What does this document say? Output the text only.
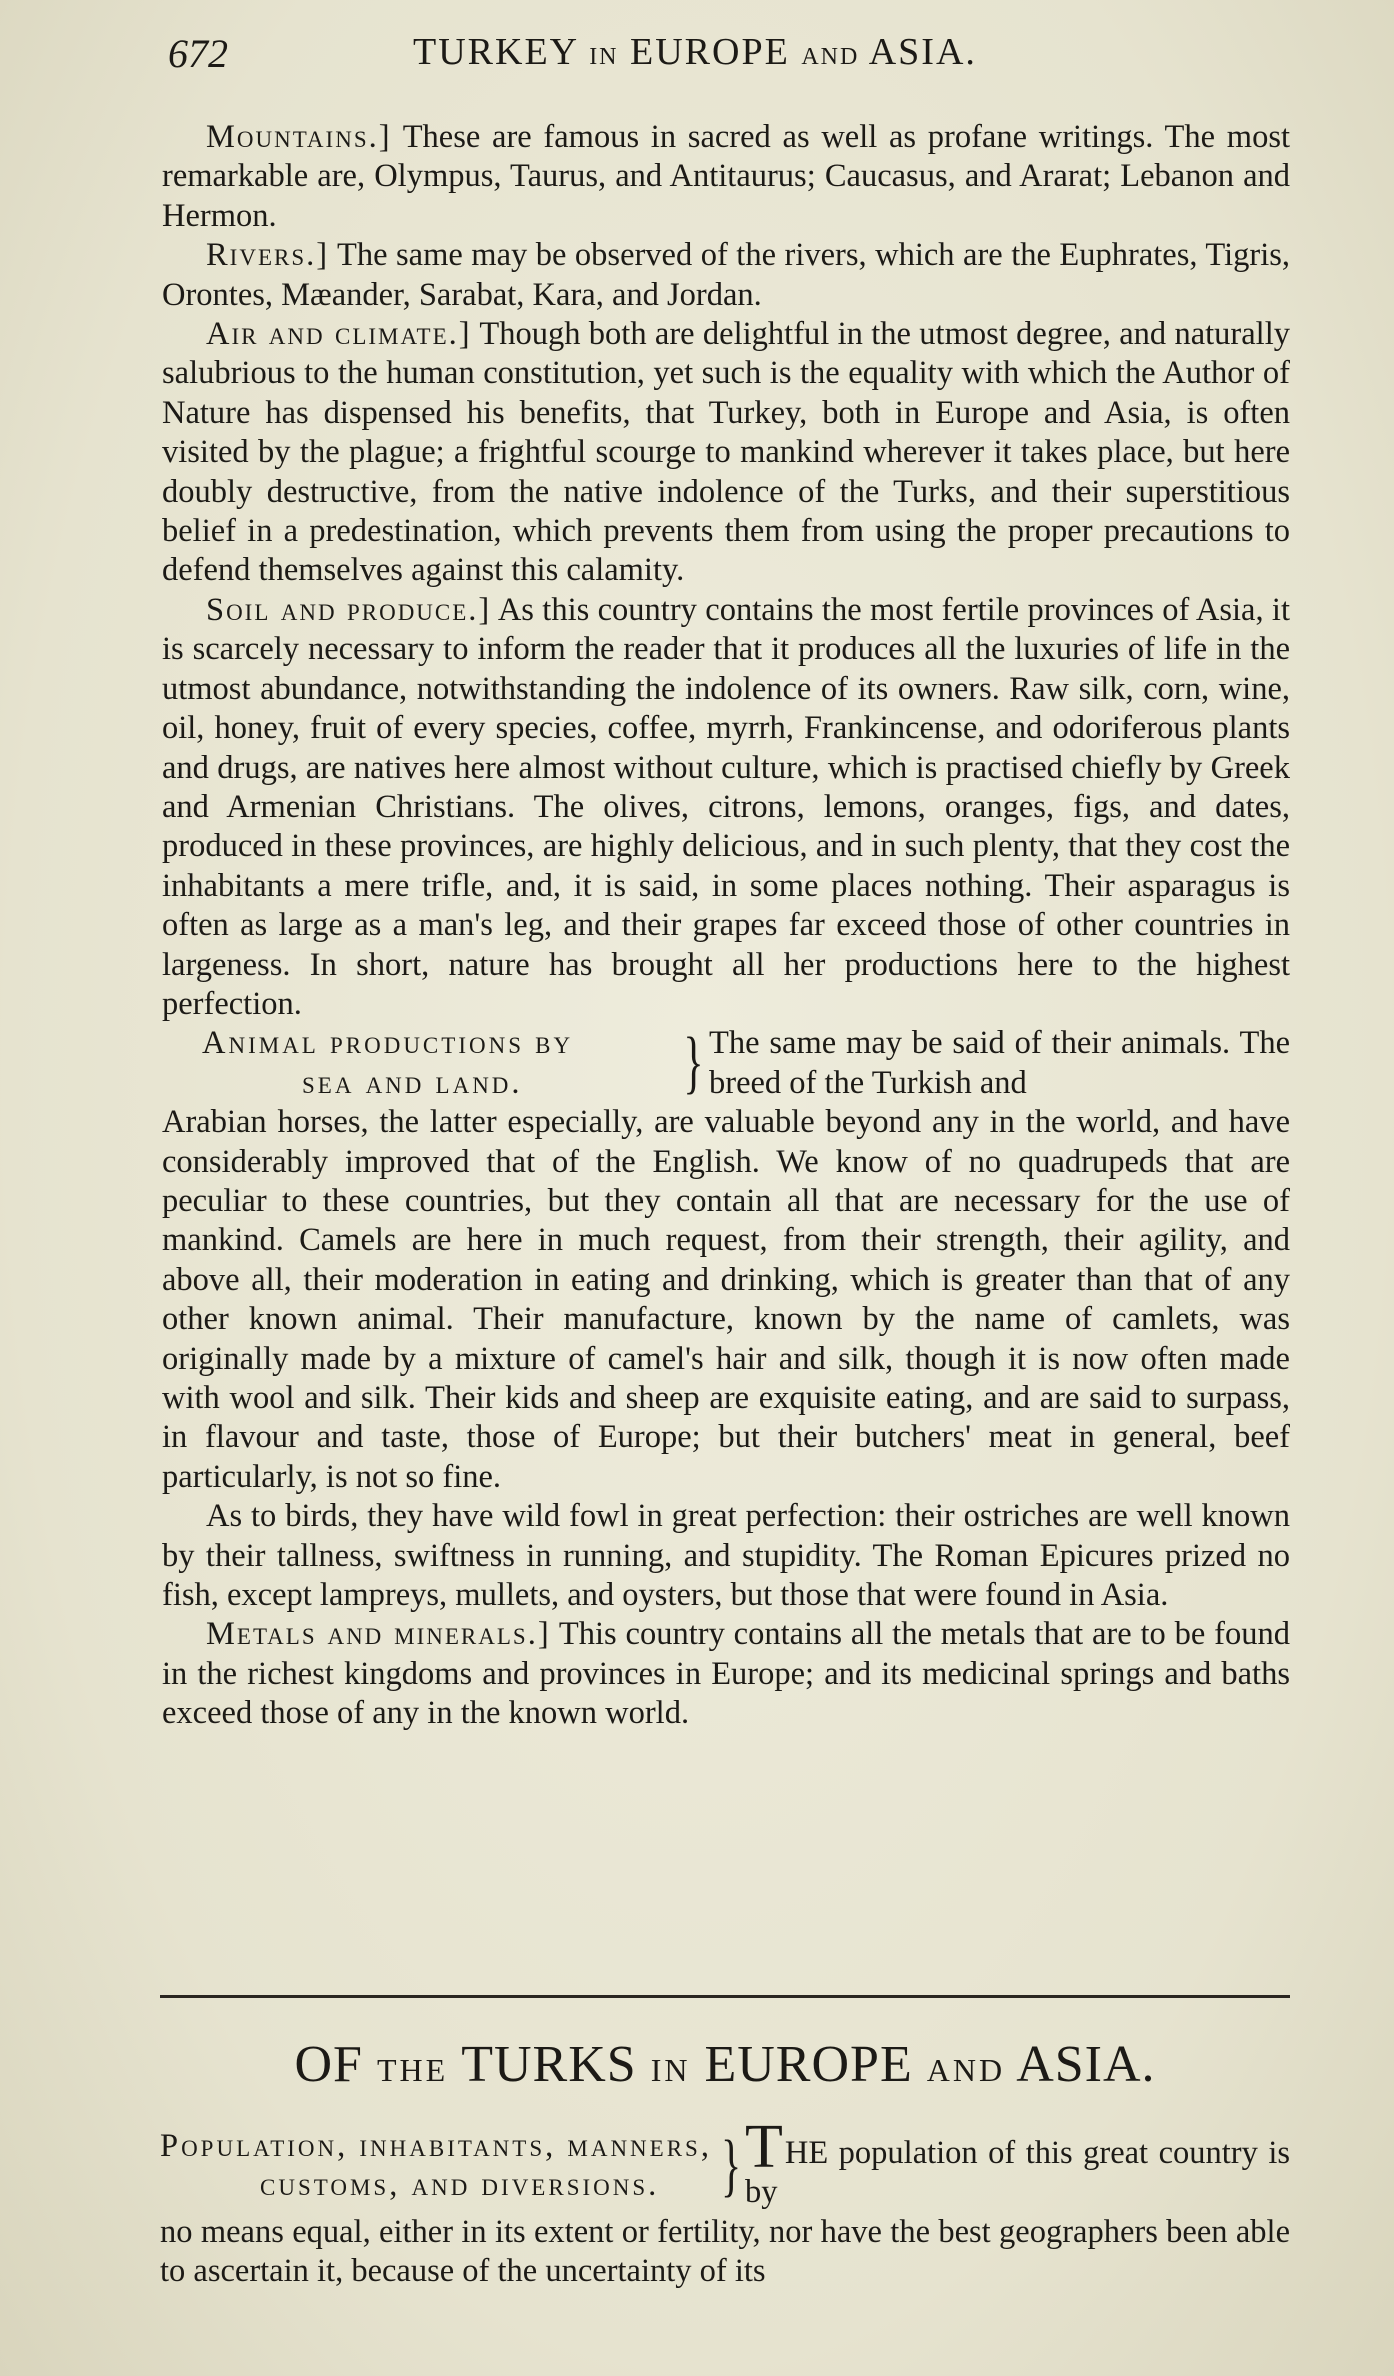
672	TURKEY IN EUROPE AND ASIA.

Mountains.] These are famous in sacred as well as profane writings. The most remarkable are, Olympus, Taurus, and Antitaurus; Caucasus, and Ararat; Lebanon and Hermon.

Rivers.] The same may be observed of the rivers, which are the Euphrates, Tigris, Orontes, Mæander, Sarabat, Kara, and Jordan.

Air and climate.] Though both are delightful in the utmost degree, and naturally salubrious to the human constitution, yet such is the equality with which the Author of Nature has dispensed his benefits, that Turkey, both in Europe and Asia, is often visited by the plague; a frightful scourge to mankind wherever it takes place, but here doubly destructive, from the native indolence of the Turks, and their superstitious belief in a predestination, which prevents them from using the proper precautions to defend themselves against this calamity.

Soil and produce.] As this country contains the most fertile provinces of Asia, it is scarcely necessary to inform the reader that it produces all the luxuries of life in the utmost abundance, notwithstanding the indolence of its owners. Raw silk, corn, wine, oil, honey, fruit of every species, coffee, myrrh, Frankincense, and odoriferous plants and drugs, are natives here almost without culture, which is practised chiefly by Greek and Armenian Christians. The olives, citrons, lemons, oranges, figs, and dates, produced in these provinces, are highly delicious, and in such plenty, that they cost the inhabitants a mere trifle, and, it is said, in some places nothing. Their asparagus is often as large as a man's leg, and their grapes far exceed those of other countries in largeness. In short, nature has brought all her productions here to the highest perfection.

Animal productions by
sea and land.	} The same may be said of their animals. The breed of the Turkish and

Arabian horses, the latter especially, are valuable beyond any in the world, and have considerably improved that of the English. We know of no quadrupeds that are peculiar to these countries, but they contain all that are necessary for the use of mankind. Camels are here in much request, from their strength, their agility, and above all, their moderation in eating and drinking, which is greater than that of any other known animal. Their manufacture, known by the name of camlets, was originally made by a mixture of camel's hair and silk, though it is now often made with wool and silk. Their kids and sheep are exquisite eating, and are said to surpass, in flavour and taste, those of Europe; but their butchers' meat in general, beef particularly, is not so fine.

As to birds, they have wild fowl in great perfection: their ostriches are well known by their tallness, swiftness in running, and stupidity. The Roman Epicures prized no fish, except lampreys, mullets, and oysters, but those that were found in Asia.

Metals and minerals.] This country contains all the metals that are to be found in the richest kingdoms and provinces in Europe; and its medicinal springs and baths exceed those of any in the known world.

OF THE TURKS IN EUROPE AND ASIA.
Population, inhabitants, manners,
customs, and diversions. } THE population of this great country is by

no means equal, either in its extent or fertility, nor have the best geographers been able to ascertain it, because of the uncertainty of its
